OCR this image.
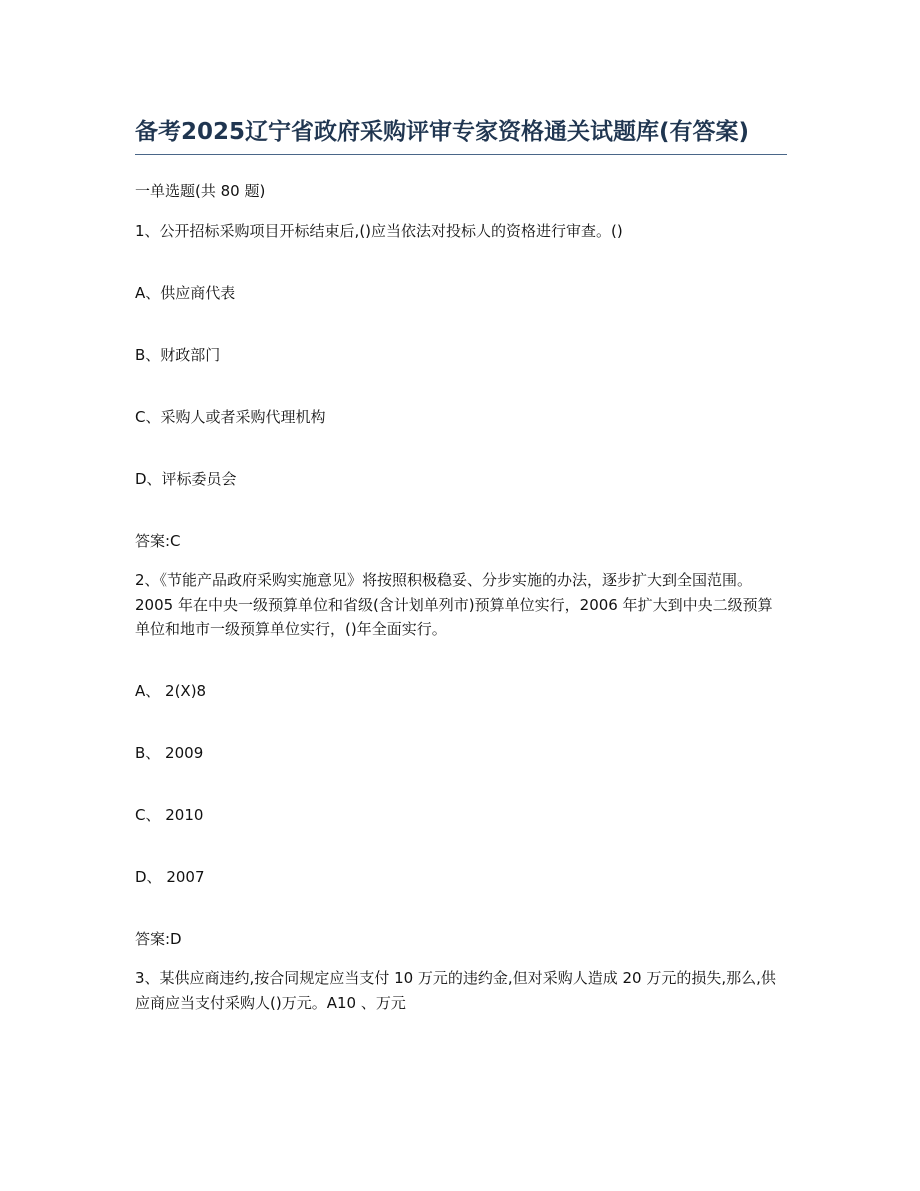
备考2025辽宁省政府采购评审专家资格通关试题库(有答案)
一单选题(共 80 题)
1、公开招标采购项目开标结束后,()应当依法对投标人的资格进行审查。()
A、供应商代表
B、财政部门
C、采购人或者采购代理机构
D、评标委员会
答案:C
2、《节能产品政府采购实施意见》将按照积极稳妥、分步实施的办法，逐步扩大到全国范围。2005 年在中央一级预算单位和省级(含计划单列市)预算单位实行，2006 年扩大到中央二级预算单位和地市一级预算单位实行，()年全面实行。
A、 2(X)8
B、 2009
C、 2010
D、 2007
答案:D
3、某供应商违约,按合同规定应当支付 10 万元的违约金,但对采购人造成 20 万元的损失,那么,供应商应当支付采购人()万元。A10 、万元
